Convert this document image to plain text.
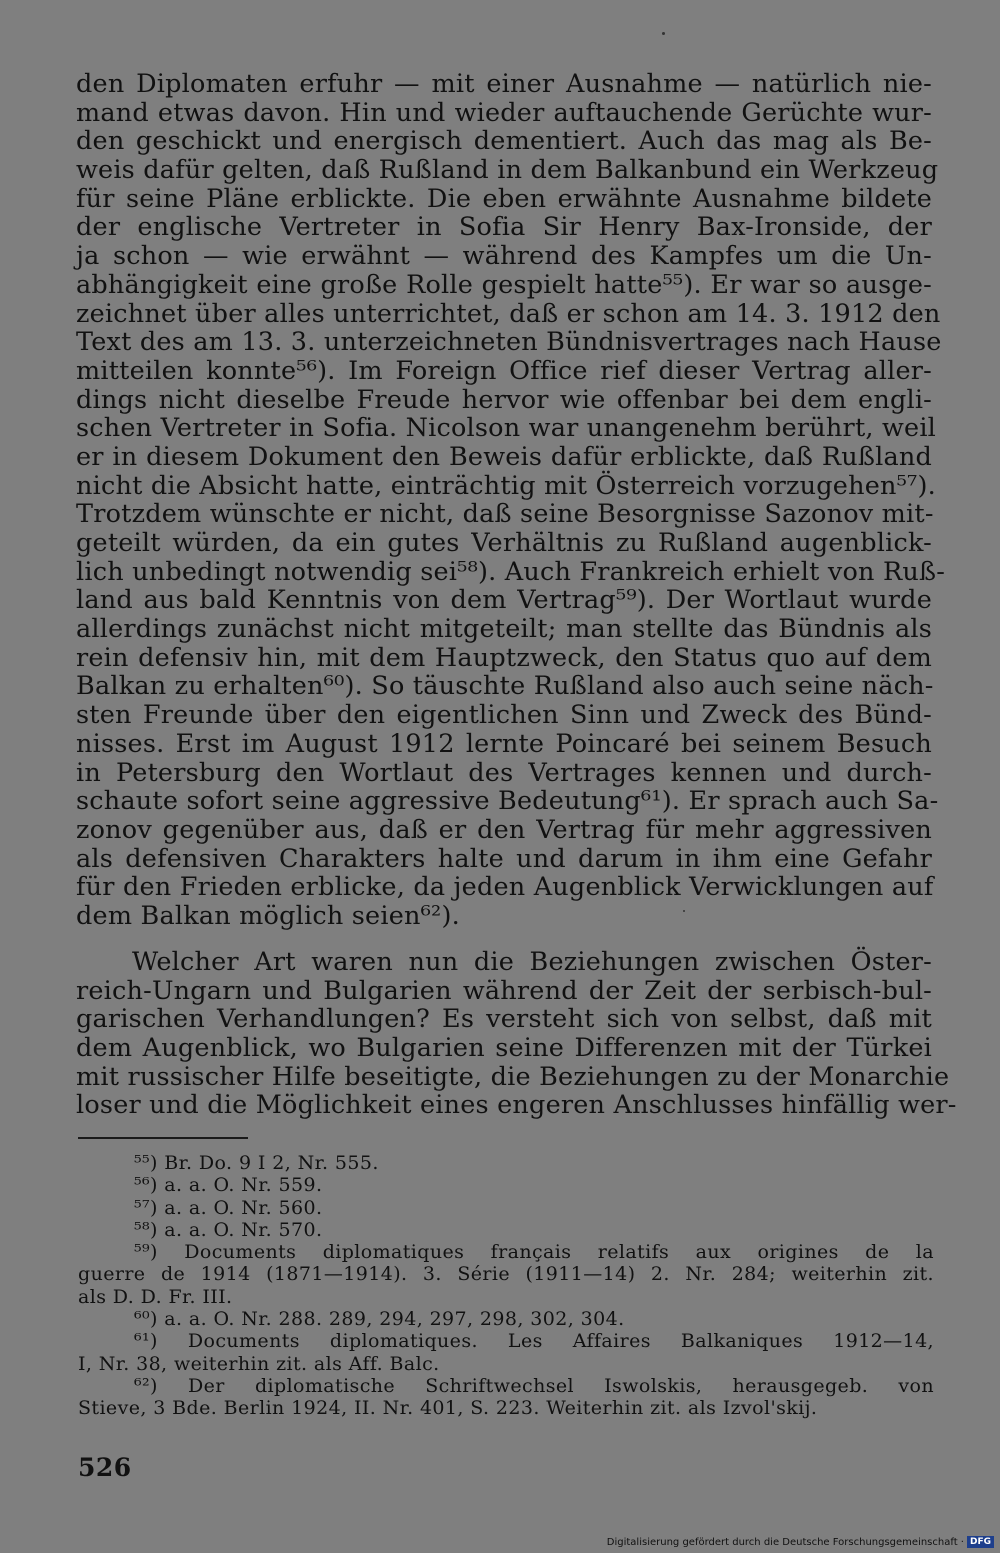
den Diplomaten erfuhr — mit einer Ausnahme — natürlich nie-
mand etwas davon. Hin und wieder auftauchende Gerüchte wur-
den geschickt und energisch dementiert. Auch das mag als Be-
weis dafür gelten, daß Rußland in dem Balkanbund ein Werkzeug
für seine Pläne erblickte. Die eben erwähnte Ausnahme bildete
der englische Vertreter in Sofia Sir Henry Bax-Ironside, der
ja schon — wie erwähnt — während des Kampfes um die Un-
abhängigkeit eine große Rolle gespielt hatte⁵⁵). Er war so ausge-
zeichnet über alles unterrichtet, daß er schon am 14. 3. 1912 den
Text des am 13. 3. unterzeichneten Bündnisvertrages nach Hause
mitteilen konnte⁵⁶). Im Foreign Office rief dieser Vertrag aller-
dings nicht dieselbe Freude hervor wie offenbar bei dem engli-
schen Vertreter in Sofia. Nicolson war unangenehm berührt, weil
er in diesem Dokument den Beweis dafür erblickte, daß Rußland
nicht die Absicht hatte, einträchtig mit Österreich vorzugehen⁵⁷).
Trotzdem wünschte er nicht, daß seine Besorgnisse Sazonov mit-
geteilt würden, da ein gutes Verhältnis zu Rußland augenblick-
lich unbedingt notwendig sei⁵⁸). Auch Frankreich erhielt von Ruß-
land aus bald Kenntnis von dem Vertrag⁵⁹). Der Wortlaut wurde
allerdings zunächst nicht mitgeteilt; man stellte das Bündnis als
rein defensiv hin, mit dem Hauptzweck, den Status quo auf dem
Balkan zu erhalten⁶⁰). So täuschte Rußland also auch seine näch-
sten Freunde über den eigentlichen Sinn und Zweck des Bünd-
nisses. Erst im August 1912 lernte Poincaré bei seinem Besuch
in Petersburg den Wortlaut des Vertrages kennen und durch-
schaute sofort seine aggressive Bedeutung⁶¹). Er sprach auch Sa-
zonov gegenüber aus, daß er den Vertrag für mehr aggressiven
als defensiven Charakters halte und darum in ihm eine Gefahr
für den Frieden erblicke, da jeden Augenblick Verwicklungen auf
dem Balkan möglich seien⁶²).
Welcher Art waren nun die Beziehungen zwischen Öster-
reich-Ungarn und Bulgarien während der Zeit der serbisch-bul-
garischen Verhandlungen? Es versteht sich von selbst, daß mit
dem Augenblick, wo Bulgarien seine Differenzen mit der Türkei
mit russischer Hilfe beseitigte, die Beziehungen zu der Monarchie
loser und die Möglichkeit eines engeren Anschlusses hinfällig wer-
⁵⁵) Br. Do. 9 I 2, Nr. 555.
⁵⁶) a. a. O. Nr. 559.
⁵⁷) a. a. O. Nr. 560.
⁵⁸) a. a. O. Nr. 570.
⁵⁹) Documents diplomatiques français relatifs aux origines de la
guerre de 1914 (1871—1914). 3. Série (1911—14) 2. Nr. 284; weiterhin zit.
als D. D. Fr. III.
⁶⁰) a. a. O. Nr. 288. 289, 294, 297, 298, 302, 304.
⁶¹) Documents diplomatiques. Les Affaires Balkaniques 1912—14,
I, Nr. 38, weiterhin zit. als Aff. Balc.
⁶²) Der diplomatische Schriftwechsel Iswolskis, herausgegeb. von
Stieve, 3 Bde. Berlin 1924, II. Nr. 401, S. 223. Weiterhin zit. als Izvol'skij.
526
Digitalisierung gefördert durch die Deutsche Forschungsgemeinschaft · DFG
